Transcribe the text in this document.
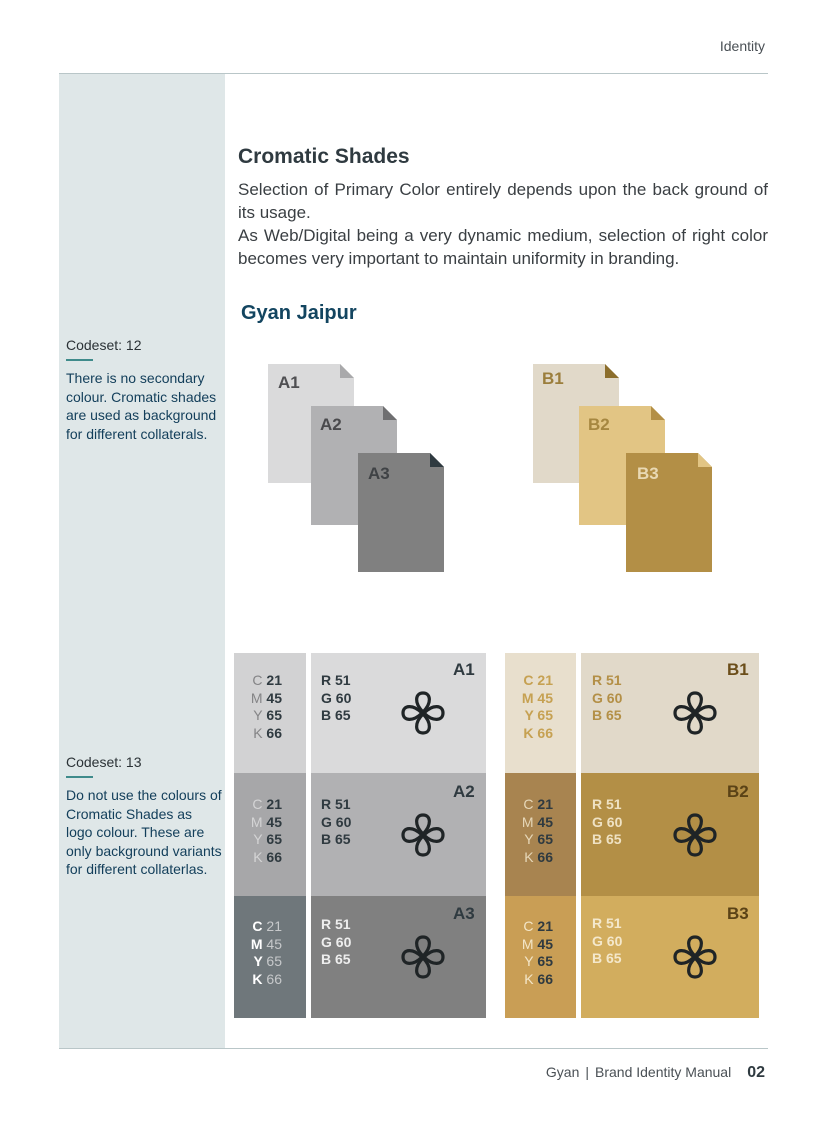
Identity
Codeset: 12
There is no secondary colour. Cromatic shades are used as background for different collaterals.
Codeset: 13
Do not use the colours of Cromatic Shades as logo colour. These are only background variants for different collaterlas.
Cromatic Shades
Selection of Primary Color entirely depends upon the back ground of its usage.
As Web/Digital being a very dynamic medium, selection of right color becomes very important to maintain uniformity in branding.
Gyan Jaipur
A1
A2
A3
B1
B2
B3
C 21
M 45
Y 65
K 66
R 51
G 60
B 65
A1
C 21
M 45
Y 65
K 66
R 51
G 60
B 65
A2
C 21
M 45
Y 65
K 66
R 51
G 60
B 65
A3
C 21
M 45
Y 65
K 66
R 51
G 60
B 65
B1
C 21
M 45
Y 65
K 66
R 51
G 60
B 65
B2
C 21
M 45
Y 65
K 66
R 51
G 60
B 65
B3
Gyan | Brand Identity Manual 02
